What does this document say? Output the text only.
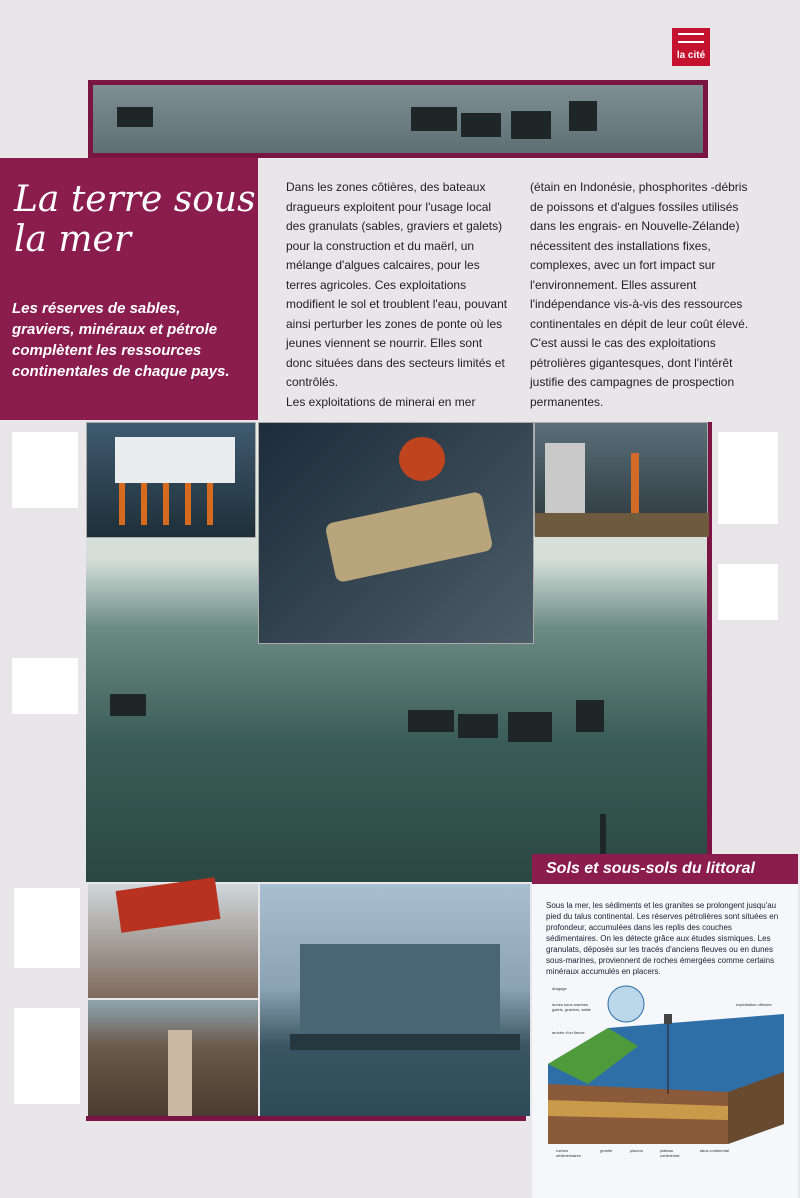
la cité
La terre sous la mer

Les réserves de sables, graviers, minéraux et pétrole complètent les ressources continentales de chaque pays.

Dans les zones côtières, des bateaux dragueurs exploitent pour l'usage local des granulats (sables, graviers et galets) pour la construction et du maërl, un mélange d'algues calcaires, pour les terres agricoles. Ces exploitations modifient le sol et troublent l'eau, pouvant ainsi perturber les zones de ponte où les jeunes viennent se nourrir. Elles sont donc situées dans des secteurs limités et contrôlés.
Les exploitations de minerai en mer
(étain en Indonésie, phosphorites -débris de poissons et d'algues fossiles utilisés dans les engrais- en Nouvelle-Zélande) nécessitent des installations fixes, complexes, avec un fort impact sur l'environnement. Elles assurent l'indépendance vis-à-vis des ressources continentales en dépit de leur coût élevé. C'est aussi le cas des exploitations pétrolières gigantesques, dont l'intérêt justifie des campagnes de prospection permanentes.
Sols et sous-sols du littoral
Sous la mer, les sédiments et les granites se prolongent jusqu'au pied du talus continental. Les réserves pétrolières sont situées en profondeur, accumulées dans les replis des couches sédimentaires. On les détecte grâce aux études sismiques. Les granulats, déposés sur les tracés d'anciens fleuves ou en dunes sous-marines, proviennent de roches émergées comme certains minéraux accumulés en placers.
dragage
dunes sous-marines galets, graviers, sable
arrivée d'un fleuve
exploitation offshore
roches sédimentaires
granite	placers	plateau continental
talus continental
